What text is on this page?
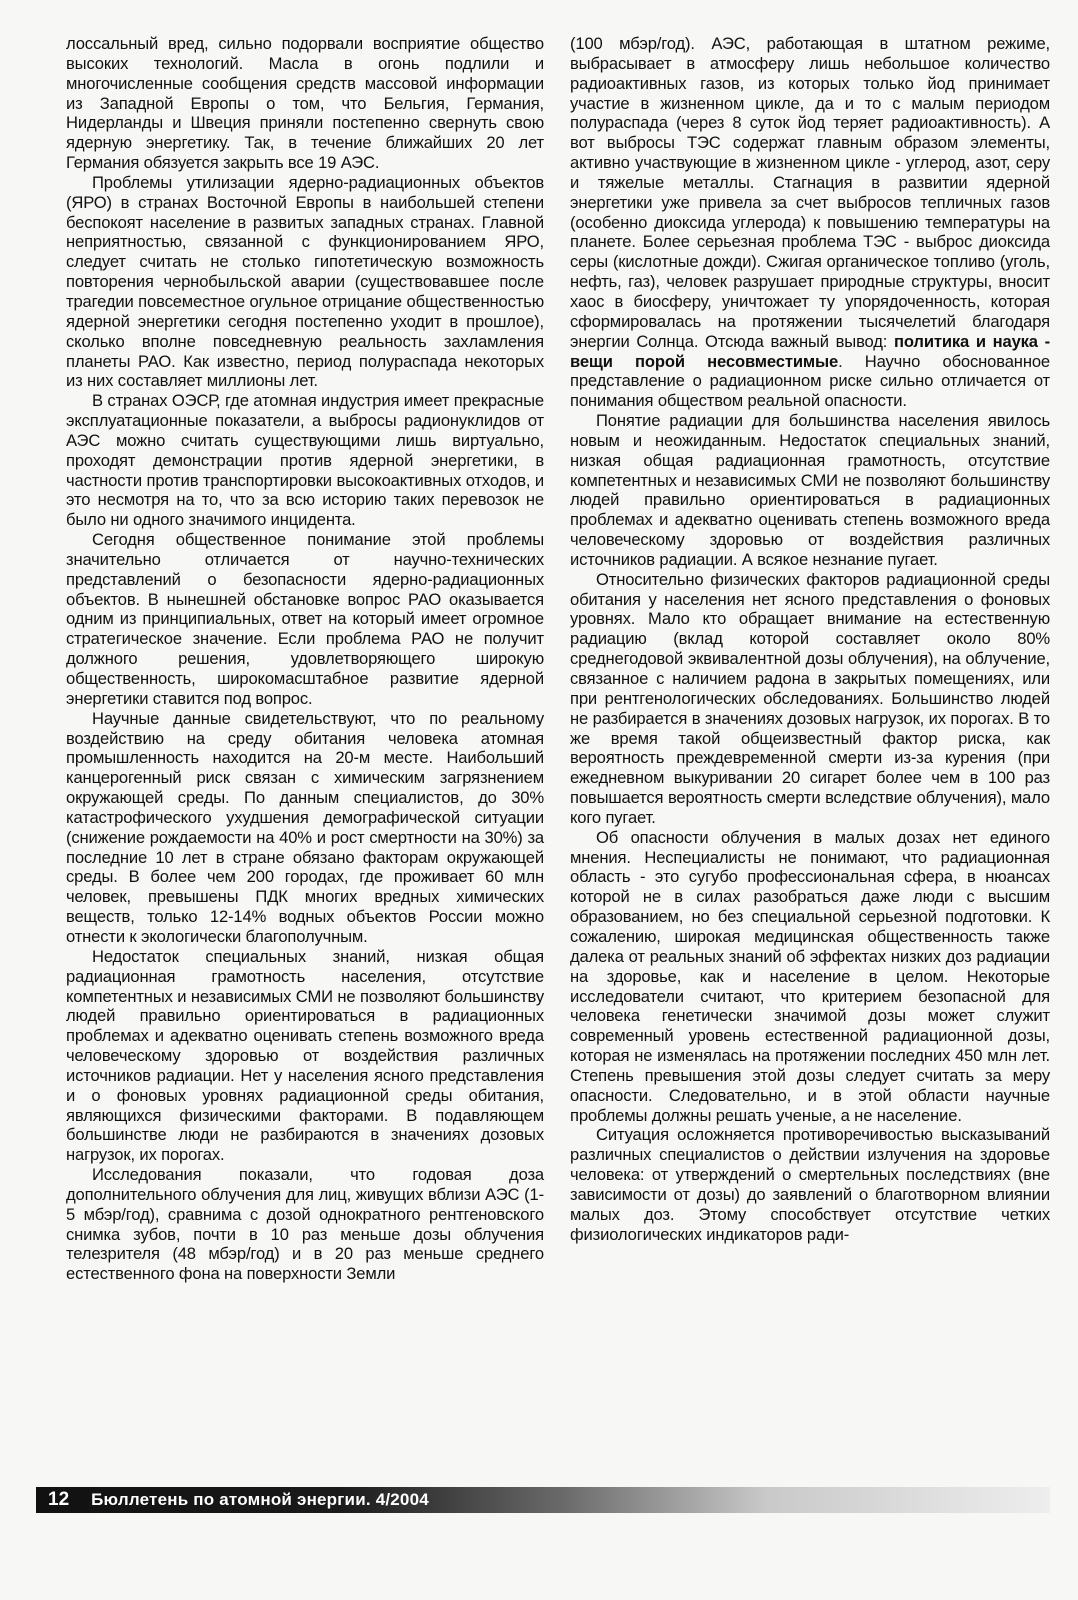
лоссальный вред, сильно подорвали восприятие общество высоких технологий. Масла в огонь подлили и многочисленные сообщения средств массовой информации из Западной Европы о том, что Бельгия, Германия, Нидерланды и Швеция приняли постепенно свернуть свою ядерную энергетику. Так, в течение ближайших 20 лет Германия обязуется закрыть все 19 АЭС.

Проблемы утилизации ядерно-радиационных объектов (ЯРО) в странах Восточной Европы в наибольшей степени беспокоят население в развитых западных странах. Главной неприятностью, связанной с функционированием ЯРО, следует считать не столько гипотетическую возможность повторения чернобыльской аварии (существовавшее после трагедии повсеместное огульное отрицание общественностью ядерной энергетики сегодня постепенно уходит в прошлое), сколько вполне повседневную реальность захламления планеты РАО. Как известно, период полураспада некоторых из них составляет миллионы лет.

В странах ОЭСР, где атомная индустрия имеет прекрасные эксплуатационные показатели, а выбросы радионуклидов от АЭС можно считать существующими лишь виртуально, проходят демонстрации против ядерной энергетики, в частности против транспортировки высокоактивных отходов, и это несмотря на то, что за всю историю таких перевозок не было ни одного значимого инцидента.

Сегодня общественное понимание этой проблемы значительно отличается от научно-технических представлений о безопасности ядерно-радиационных объектов. В нынешней обстановке вопрос РАО оказывается одним из принципиальных, ответ на который имеет огромное стратегическое значение. Если проблема РАО не получит должного решения, удовлетворяющего широкую общественность, широкомасштабное развитие ядерной энергетики ставится под вопрос.

Научные данные свидетельствуют, что по реальному воздействию на среду обитания человека атомная промышленность находится на 20-м месте. Наибольший канцерогенный риск связан с химическим загрязнением окружающей среды. По данным специалистов, до 30% катастрофического ухудшения демографической ситуации (снижение рождаемости на 40% и рост смертности на 30%) за последние 10 лет в стране обязано факторам окружающей среды. В более чем 200 городах, где проживает 60 млн человек, превышены ПДК многих вредных химических веществ, только 12-14% водных объектов России можно отнести к экологически благополучным.

Недостаток специальных знаний, низкая общая радиационная грамотность населения, отсутствие компетентных и независимых СМИ не позволяют большинству людей правильно ориентироваться в радиационных проблемах и адекватно оценивать степень возможного вреда человеческому здоровью от воздействия различных источников радиации. Нет у населения ясного представления и о фоновых уровнях радиационной среды обитания, являющихся физическими факторами. В подавляющем большинстве люди не разбираются в значениях дозовых нагрузок, их порогах.

Исследования показали, что годовая доза дополнительного облучения для лиц, живущих вблизи АЭС (1-5 мбэр/год), сравнима с дозой однократного рентгеновского снимка зубов, почти в 10 раз меньше дозы облучения телезрителя (48 мбэр/год) и в 20 раз меньше среднего естественного фона на поверхности Земли

(100 мбэр/год). АЭС, работающая в штатном режиме, выбрасывает в атмосферу лишь небольшое количество радиоактивных газов, из которых только йод принимает участие в жизненном цикле, да и то с малым периодом полураспада (через 8 суток йод теряет радиоактивность). А вот выбросы ТЭС содержат главным образом элементы, активно участвующие в жизненном цикле - углерод, азот, серу и тяжелые металлы. Стагнация в развитии ядерной энергетики уже привела за счет выбросов тепличных газов (особенно диоксида углерода) к повышению температуры на планете. Более серьезная проблема ТЭС - выброс диоксида серы (кислотные дожди). Сжигая органическое топливо (уголь, нефть, газ), человек разрушает природные структуры, вносит хаос в биосферу, уничтожает ту упорядоченность, которая сформировалась на протяжении тысячелетий благодаря энергии Солнца. Отсюда важный вывод: политика и наука - вещи порой несовместимые. Научно обоснованное представление о радиационном риске сильно отличается от понимания обществом реальной опасности.

Понятие радиации для большинства населения явилось новым и неожиданным. Недостаток специальных знаний, низкая общая радиационная грамотность, отсутствие компетентных и независимых СМИ не позволяют большинству людей правильно ориентироваться в радиационных проблемах и адекватно оценивать степень возможного вреда человеческому здоровью от воздействия различных источников радиации. А всякое незнание пугает.

Относительно физических факторов радиационной среды обитания у населения нет ясного представления о фоновых уровнях. Мало кто обращает внимание на естественную радиацию (вклад которой составляет около 80% среднегодовой эквивалентной дозы облучения), на облучение, связанное с наличием радона в закрытых помещениях, или при рентгенологических обследованиях. Большинство людей не разбирается в значениях дозовых нагрузок, их порогах. В то же время такой общеизвестный фактор риска, как вероятность преждевременной смерти из-за курения (при ежедневном выкуривании 20 сигарет более чем в 100 раз повышается вероятность смерти вследствие облучения), мало кого пугает.

Об опасности облучения в малых дозах нет единого мнения. Неспециалисты не понимают, что радиационная область - это сугубо профессиональная сфера, в нюансах которой не в силах разобраться даже люди с высшим образованием, но без специальной серьезной подготовки. К сожалению, широкая медицинская общественность также далека от реальных знаний об эффектах низких доз радиации на здоровье, как и население в целом. Некоторые исследователи считают, что критерием безопасной для человека генетически значимой дозы может служит современный уровень естественной радиационной дозы, которая не изменялась на протяжении последних 450 млн лет. Степень превышения этой дозы следует считать за меру опасности. Следовательно, и в этой области научные проблемы должны решать ученые, а не население.

Ситуация осложняется противоречивостью высказываний различных специалистов о действии излучения на здоровье человека: от утверждений о смертельных последствиях (вне зависимости от дозы) до заявлений о благотворном влиянии малых доз. Этому способствует отсутствие четких физиологических индикаторов ради-

12 Бюллетень по атомной энергии. 4/2004
